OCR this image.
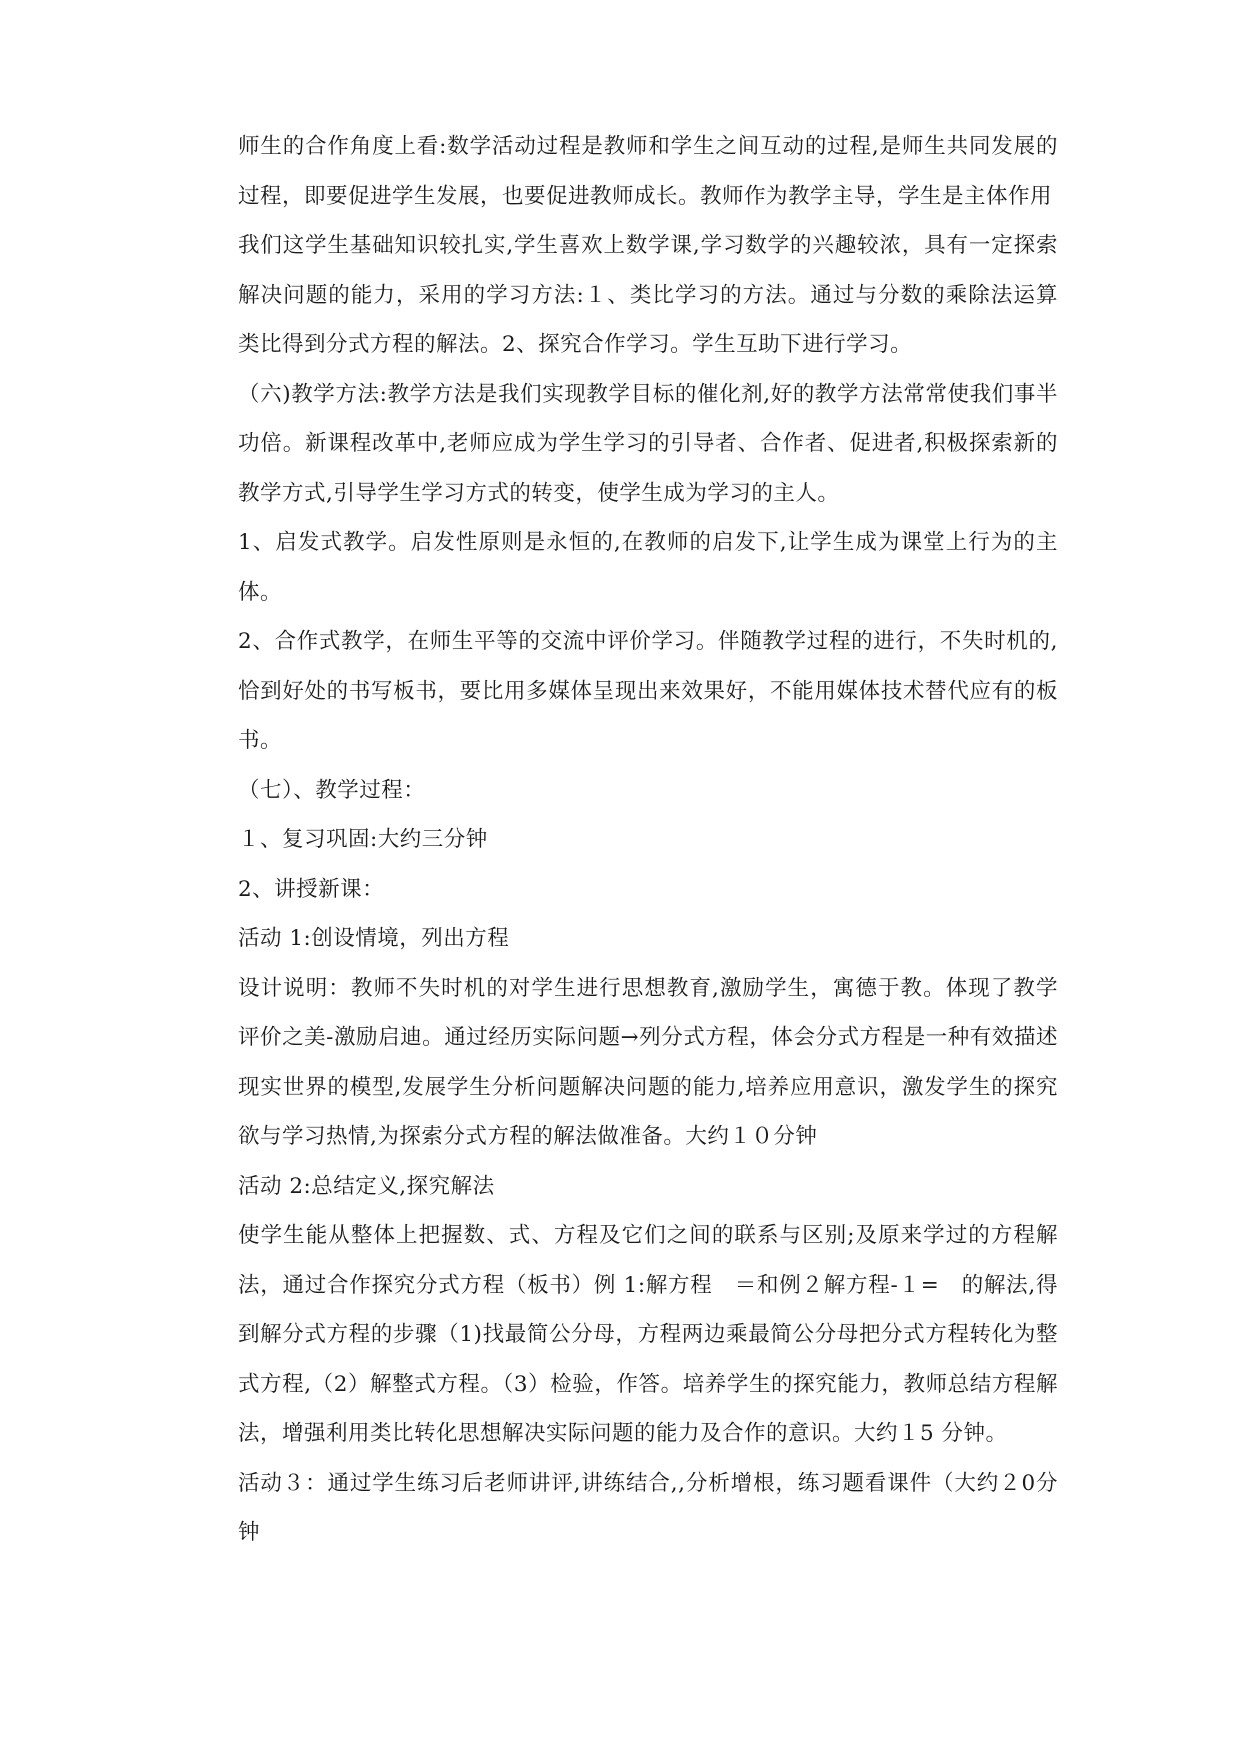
师生的合作角度上看:数学活动过程是教师和学生之间互动的过程,是师生共同发展的过程，即要促进学生发展，也要促进教师成长。教师作为教学主导，学生是主体作用

我们这学生基础知识较扎实,学生喜欢上数学课,学习数学的兴趣较浓，具有一定探索解决问题的能力，采用的学习方法:１、类比学习的方法。通过与分数的乘除法运算类比得到分式方程的解法。2、探究合作学习。学生互助下进行学习。

（六)教学方法:教学方法是我们实现教学目标的催化剂,好的教学方法常常使我们事半功倍。新课程改革中,老师应成为学生学习的引导者、合作者、促进者,积极探索新的教学方式,引导学生学习方式的转变，使学生成为学习的主人。

1、启发式教学。启发性原则是永恒的,在教师的启发下,让学生成为课堂上行为的主体。

2、合作式教学，在师生平等的交流中评价学习。伴随教学过程的进行，不失时机的,恰到好处的书写板书，要比用多媒体呈现出来效果好，不能用媒体技术替代应有的板书。

（七）、教学过程：

１、复习巩固:大约三分钟

2、讲授新课：

活动 1:创设情境，列出方程

设计说明：教师不失时机的对学生进行思想教育,激励学生，寓德于教。体现了教学评价之美-激励启迪。通过经历实际问题→列分式方程，体会分式方程是一种有效描述现实世界的模型,发展学生分析问题解决问题的能力,培养应用意识，激发学生的探究欲与学习热情,为探索分式方程的解法做准备。大约１０分钟

活动 2:总结定义,探究解法

使学生能从整体上把握数、式、方程及它们之间的联系与区别;及原来学过的方程解法，通过合作探究分式方程（板书）例 1:解方程　＝和例２解方程-１=　的解法,得到解分式方程的步骤（1)找最简公分母，方程两边乘最简公分母把分式方程转化为整式方程,（2）解整式方程。（3）检验，作答。培养学生的探究能力，教师总结方程解法，增强利用类比转化思想解决实际问题的能力及合作的意识。大约１5 分钟。

活动３：通过学生练习后老师讲评,讲练结合,,分析增根，练习题看课件（大约２0分钟
